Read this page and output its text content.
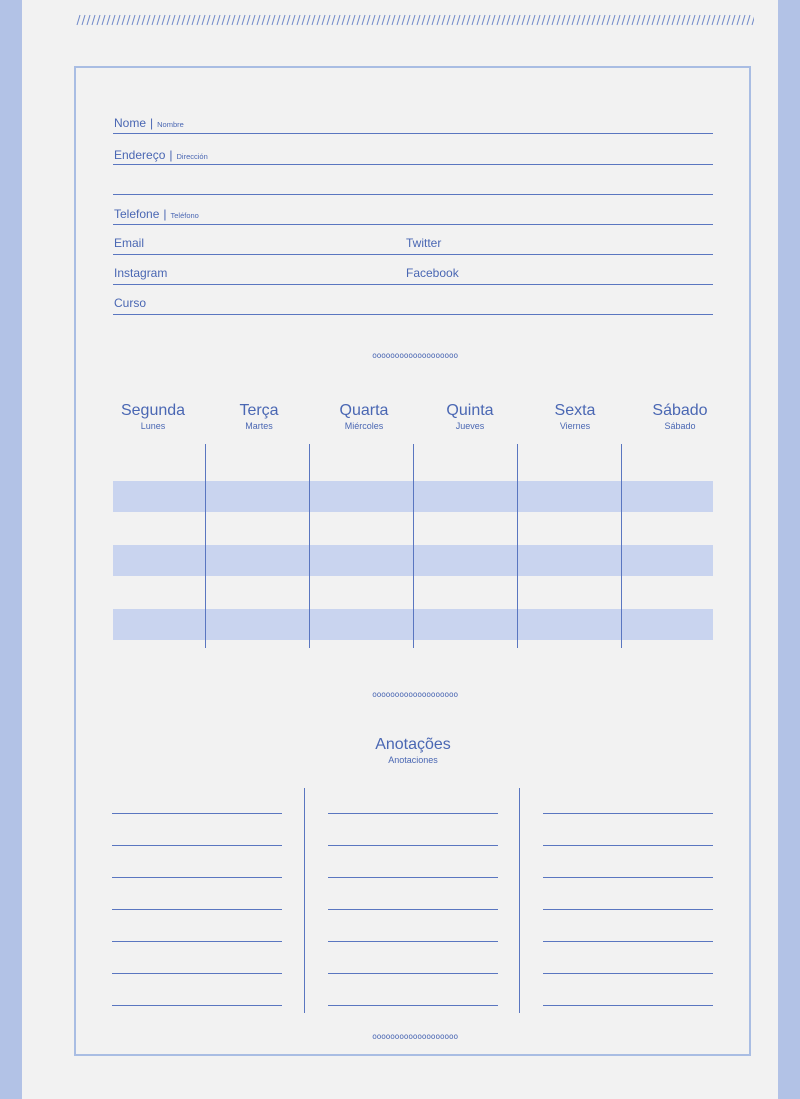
Nome | Nombre
Endereço | Dirección
Telefone | Teléfono
Email	Twitter
Instagram	Facebook
Curso
ooooooooooooooooooo
Segunda
Lunes
Terça
Martes
Quarta
Miércoles
Quinta
Jueves
Sexta
Viernes
Sábado
Sábado
ooooooooooooooooooo
Anotações
Anotaciones
ooooooooooooooooooo
